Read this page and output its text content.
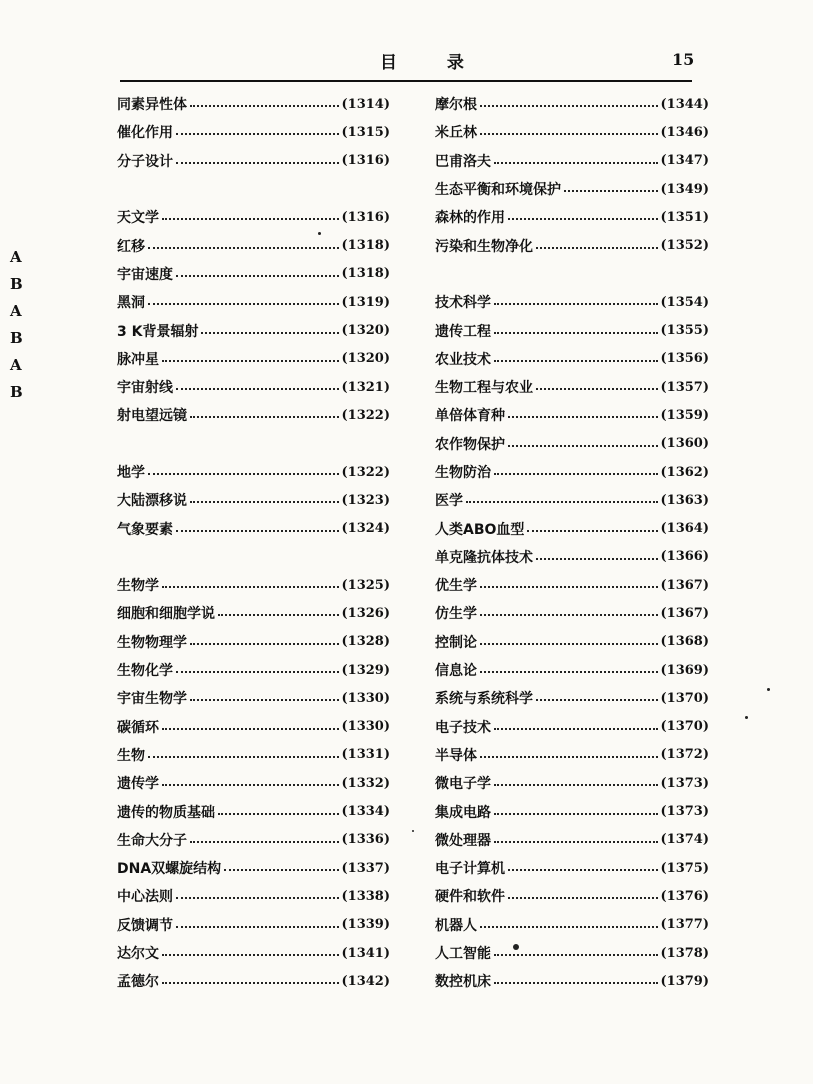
目 录	15
A
B
A
B
A
B
同素异性体	(1314)
催化作用	(1315)
分子设计	(1316)
天文学	(1316)
红移	(1318)
宇宙速度	(1318)
黑洞	(1319)
3 K背景辐射	(1320)
脉冲星	(1320)
宇宙射线	(1321)
射电望远镜	(1322)
地学	(1322)
大陆漂移说	(1323)
气象要素	(1324)
生物学	(1325)
细胞和细胞学说	(1326)
生物物理学	(1328)
生物化学	(1329)
宇宙生物学	(1330)
碳循环	(1330)
生物	(1331)
遗传学	(1332)
遗传的物质基础	(1334)
生命大分子	(1336)
DNA双螺旋结构	(1337)
中心法则	(1338)
反馈调节	(1339)
达尔文	(1341)
孟德尔	(1342)
摩尔根	(1344)
米丘林	(1346)
巴甫洛夫	(1347)
生态平衡和环境保护	(1349)
森林的作用	(1351)
污染和生物净化	(1352)
技术科学	(1354)
遗传工程	(1355)
农业技术	(1356)
生物工程与农业	(1357)
单倍体育种	(1359)
农作物保护	(1360)
生物防治	(1362)
医学	(1363)
人类ABO血型	(1364)
单克隆抗体技术	(1366)
优生学	(1367)
仿生学	(1367)
控制论	(1368)
信息论	(1369)
系统与系统科学	(1370)
电子技术	(1370)
半导体	(1372)
微电子学	(1373)
集成电路	(1373)
微处理器	(1374)
电子计算机	(1375)
硬件和软件	(1376)
机器人	(1377)
人工智能	(1378)
数控机床	(1379)
